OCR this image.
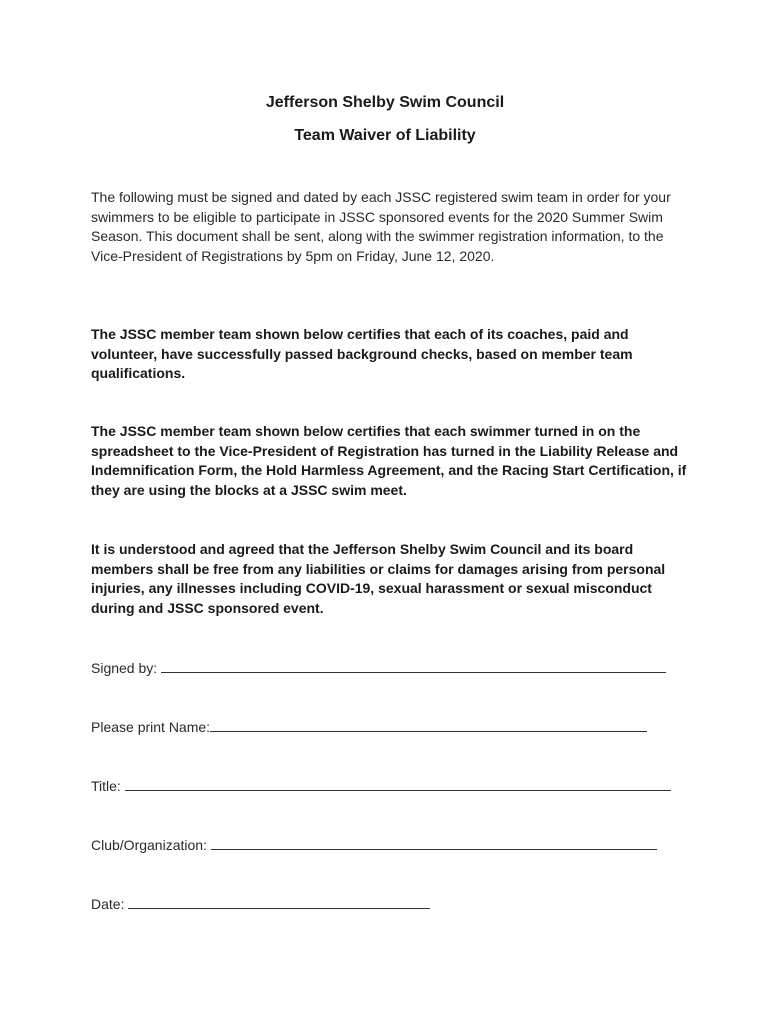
Jefferson Shelby Swim Council
Team Waiver of Liability
The following must be signed and dated by each JSSC registered swim team in order for your swimmers to be eligible to participate in JSSC sponsored events for the 2020 Summer Swim Season. This document shall be sent, along with the swimmer registration information, to the Vice-President of Registrations by 5pm on Friday, June 12, 2020.
The JSSC member team shown below certifies that each of its coaches, paid and volunteer, have successfully passed background checks, based on member team qualifications.
The JSSC member team shown below certifies that each swimmer turned in on the spreadsheet to the Vice-President of Registration has turned in the Liability Release and Indemnification Form, the Hold Harmless Agreement, and the Racing Start Certification, if they are using the blocks at a JSSC swim meet.
It is understood and agreed that the Jefferson Shelby Swim Council and its board members shall be free from any liabilities or claims for damages arising from personal injuries, any illnesses including COVID-19, sexual harassment or sexual misconduct during and JSSC sponsored event.
Signed by:
Please print Name:
Title:
Club/Organization:
Date:
